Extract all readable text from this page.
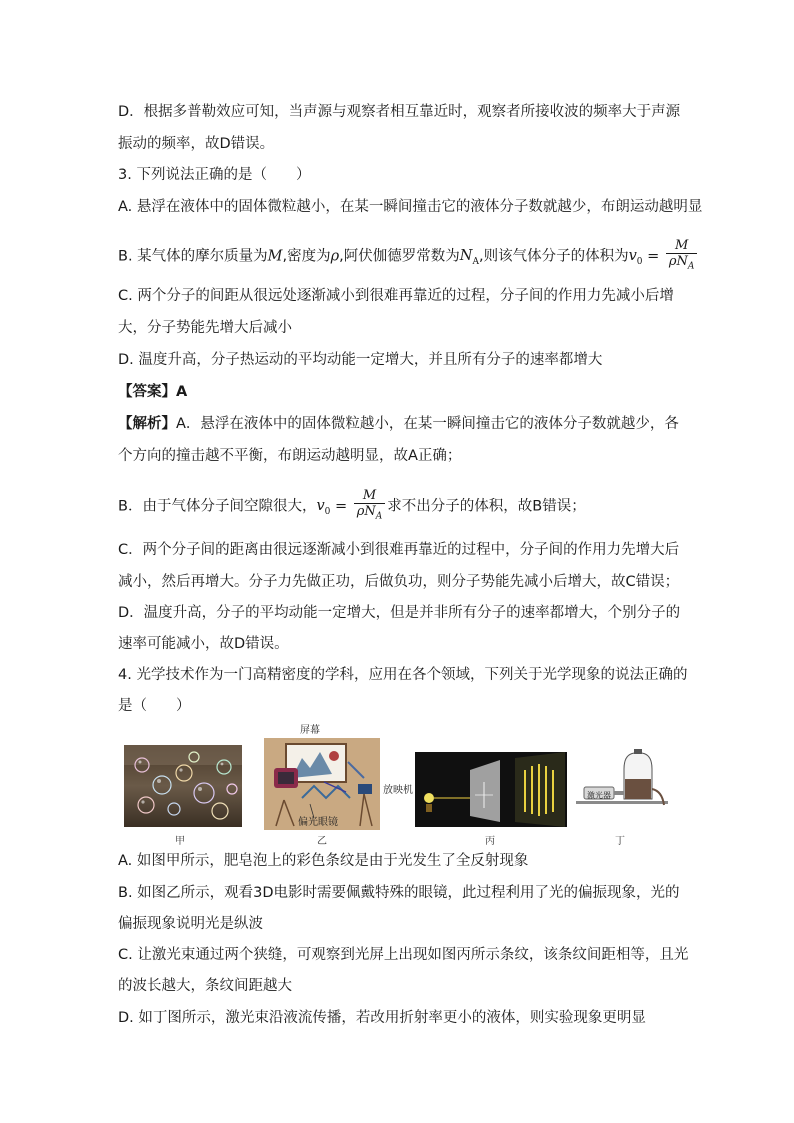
D．根据多普勒效应可知，当声源与观察者相互靠近时，观察者所接收波的频率大于声源
振动的频率，故D错误。
3. 下列说法正确的是（　　）
A. 悬浮在液体中的固体微粒越小，在某一瞬间撞击它的液体分子数就越少，布朗运动越明显
B. 某气体的摩尔质量为M,密度为ρ,阿伏伽德罗常数为$N_A$,则该气体分子的体积为$v_0 = \frac{M}{\rho N_A}$
C. 两个分子的间距从很远处逐渐减小到很难再靠近的过程，分子间的作用力先减小后增
大，分子势能先增大后减小
D. 温度升高，分子热运动的平均动能一定增大，并且所有分子的速率都增大
【答案】A
【解析】A．悬浮在液体中的固体微粒越小，在某一瞬间撞击它的液体分子数就越少，各
个方向的撞击越不平衡，布朗运动越明显，故A正确；
B．由于气体分子间空隙很大，$v_0 = \frac{M}{\rho N_A}$ 求不出分子的体积，故B错误；
C．两个分子间的距离由很远逐渐减小到很难再靠近的过程中，分子间的作用力先增大后
减小，然后再增大。分子力先做正功，后做负功，则分子势能先减小后增大，故C错误；
D．温度升高，分子的平均动能一定增大，但是并非所有分子的速率都增大，个别分子的
速率可能减小，故D错误。
4. 光学技术作为一门高精密度的学科，应用在各个领域，下列关于光学现象的说法正确的
是（　　）
甲
屏幕
放映机
偏光眼镜
乙	丙
激光器
丁
A. 如图甲所示，肥皂泡上的彩色条纹是由于光发生了全反射现象
B. 如图乙所示，观看3D电影时需要佩戴特殊的眼镜，此过程利用了光的偏振现象，光的
偏振现象说明光是纵波
C. 让激光束通过两个狭缝，可观察到光屏上出现如图丙所示条纹，该条纹间距相等，且光
的波长越大，条纹间距越大
D. 如丁图所示，激光束沿液流传播，若改用折射率更小的液体，则实验现象更明显
